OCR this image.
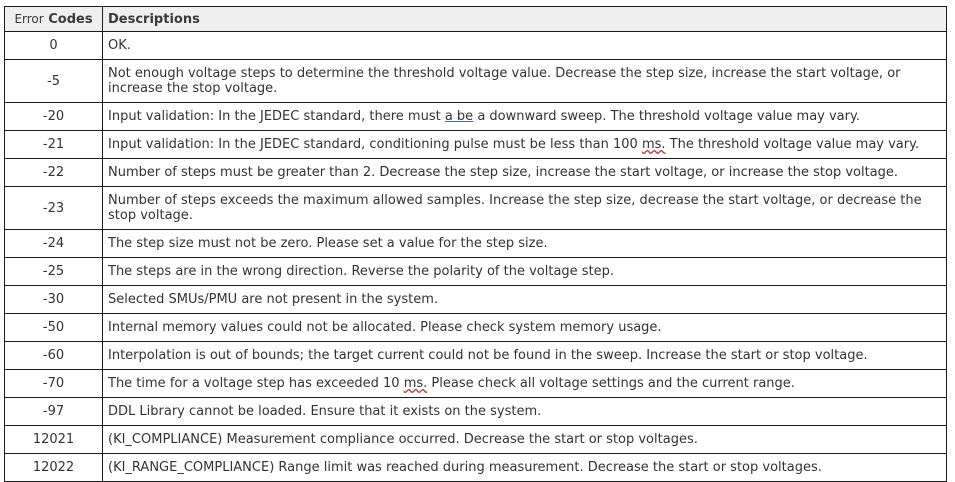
Error Codes	Descriptions
0	OK.
-5	Not enough voltage steps to determine the threshold voltage value. Decrease the step size, increase the start voltage, or increase the stop voltage.
-20	Input validation: In the JEDEC standard, there must a be a downward sweep. The threshold voltage value may vary.
-21	Input validation: In the JEDEC standard, conditioning pulse must be less than 100 ms. The threshold voltage value may vary.
-22	Number of steps must be greater than 2. Decrease the step size, increase the start voltage, or increase the stop voltage.
-23	Number of steps exceeds the maximum allowed samples. Increase the step size, decrease the start voltage, or decrease the stop voltage.
-24	The step size must not be zero. Please set a value for the step size.
-25	The steps are in the wrong direction. Reverse the polarity of the voltage step.
-30	Selected SMUs/PMU are not present in the system.
-50	Internal memory values could not be allocated. Please check system memory usage.
-60	Interpolation is out of bounds; the target current could not be found in the sweep. Increase the start or stop voltage.
-70	The time for a voltage step has exceeded 10 ms. Please check all voltage settings and the current range.
-97	DDL Library cannot be loaded. Ensure that it exists on the system.
12021	(KI_COMPLIANCE) Measurement compliance occurred. Decrease the start or stop voltages.
12022	(KI_RANGE_COMPLIANCE) Range limit was reached during measurement. Decrease the start or stop voltages.
